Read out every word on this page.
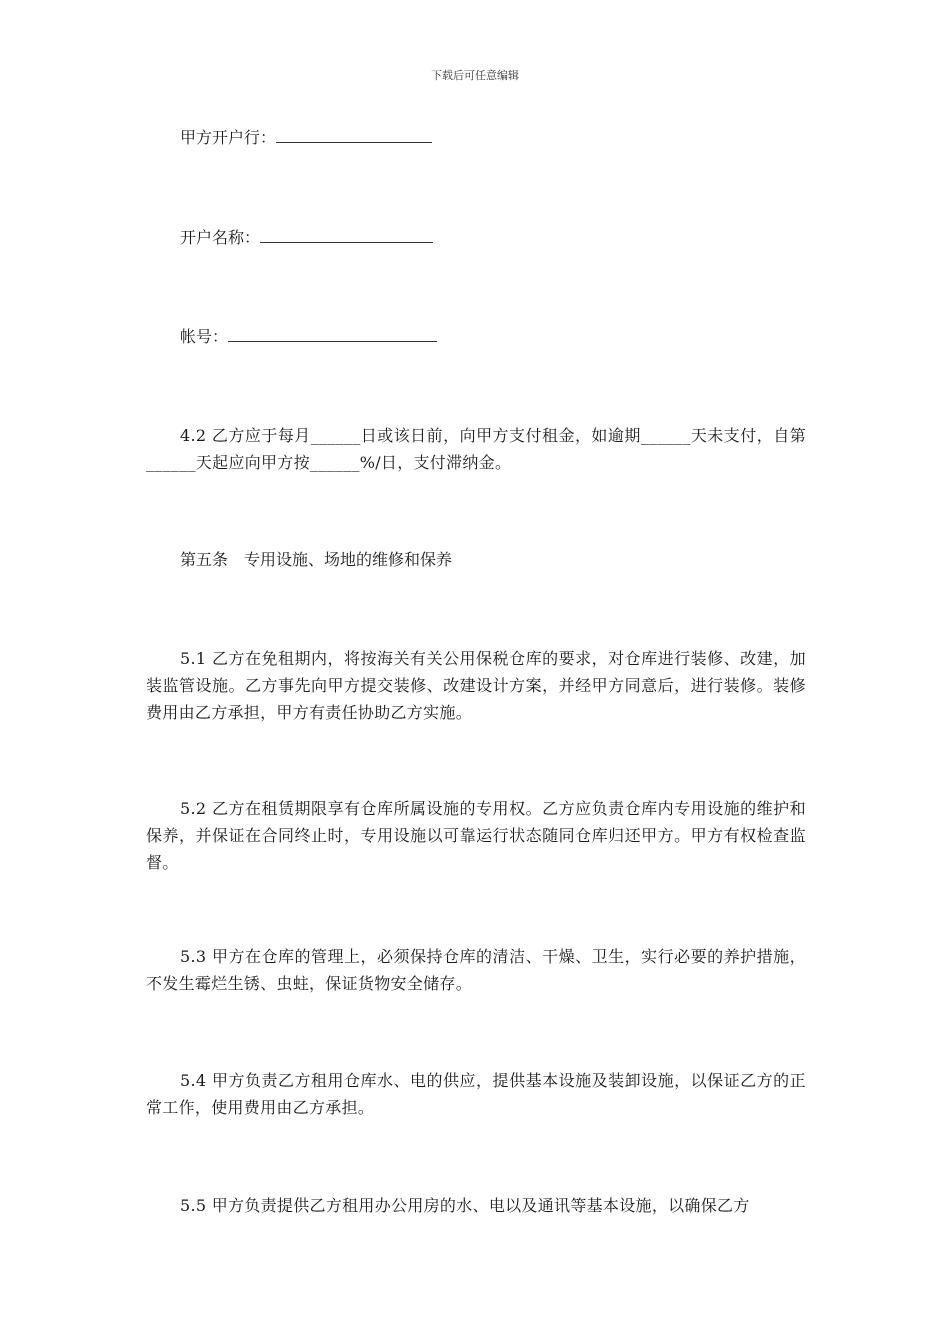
下载后可任意编辑
甲方开户行：
开户名称：
帐号：
4.2 乙方应于每月______日或该日前，向甲方支付租金，如逾期______天未支付，自第______天起应向甲方按______%/日，支付滞纳金。
第五条　专用设施、场地的维修和保养
5.1 乙方在免租期内，将按海关有关公用保税仓库的要求，对仓库进行装修、改建，加装监管设施。乙方事先向甲方提交装修、改建设计方案，并经甲方同意后，进行装修。装修费用由乙方承担，甲方有责任协助乙方实施。
5.2 乙方在租赁期限享有仓库所属设施的专用权。乙方应负责仓库内专用设施的维护和保养，并保证在合同终止时，专用设施以可靠运行状态随同仓库归还甲方。甲方有权检查监督。
5.3 甲方在仓库的管理上，必须保持仓库的清洁、干燥、卫生，实行必要的养护措施，不发生霉烂生锈、虫蛀，保证货物安全储存。
5.4 甲方负责乙方租用仓库水、电的供应，提供基本设施及装卸设施，以保证乙方的正常工作，使用费用由乙方承担。
5.5 甲方负责提供乙方租用办公用房的水、电以及通讯等基本设施，以确保乙方
